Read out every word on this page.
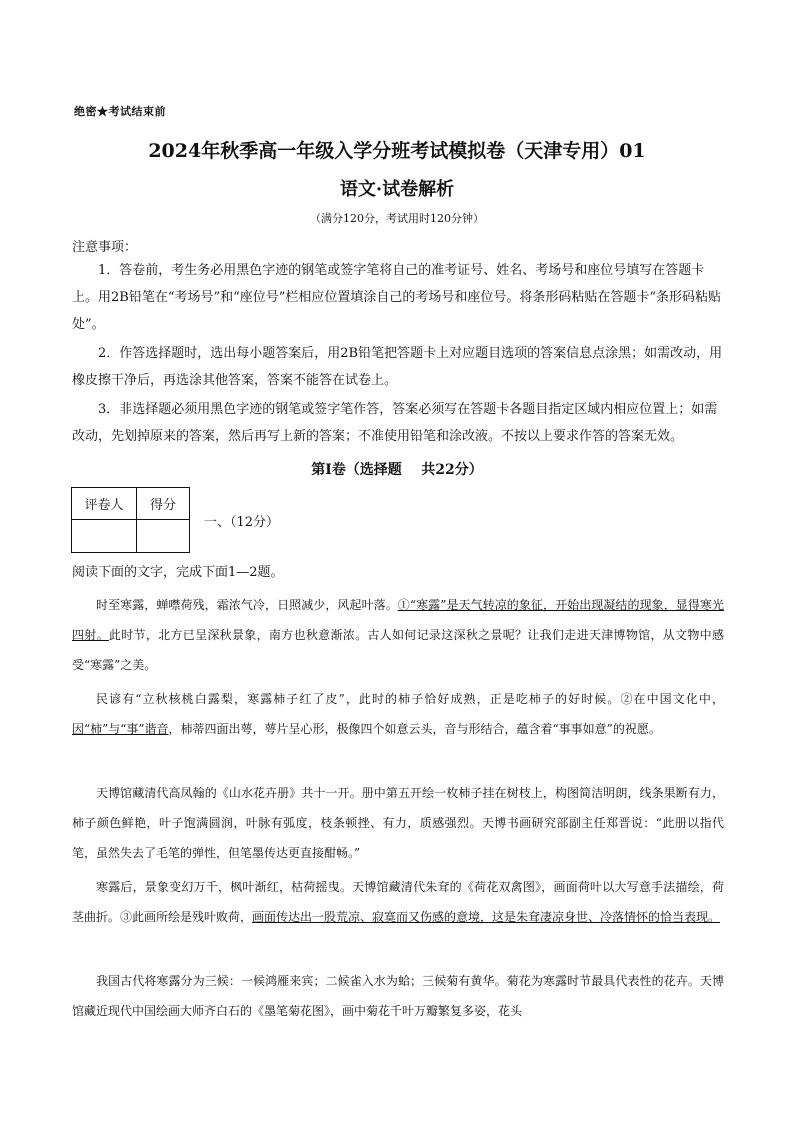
绝密★考试结束前
2024年秋季高一年级入学分班考试模拟卷（天津专用）01
语文·试卷解析
（满分120分，考试用时120分钟）
注意事项：
1．答卷前，考生务必用黑色字迹的钢笔或签字笔将自己的准考证号、姓名、考场号和座位号填写在答题卡上。用2B铅笔在“考场号”和“座位号”栏相应位置填涂自己的考场号和座位号。将条形码粘贴在答题卡“条形码粘贴处”。
2．作答选择题时，选出每小题答案后，用2B铅笔把答题卡上对应题目选项的答案信息点涂黑；如需改动，用橡皮擦干净后，再选涂其他答案，答案不能答在试卷上。
3．非选择题必须用黑色字迹的钢笔或签字笔作答，答案必须写在答题卡各题目指定区域内相应位置上；如需改动，先划掉原来的答案，然后再写上新的答案；不准使用铅笔和涂改液。不按以上要求作答的答案无效。
第Ⅰ卷（选择题    共22分）
评卷人	得分

一、（12分）
阅读下面的文字，完成下面1—2题。
时至寒露，蝉噤荷残，霜浓气冷，日照减少，风起叶落。①“寒露”是天气转凉的象征，开始出现凝结的现象，显得寒光四射。此时节，北方已呈深秋景象，南方也秋意渐浓。古人如何记录这深秋之景呢？让我们走进天津博物馆，从文物中感受“寒露”之美。
民谚有“立秋核桃白露梨，寒露柿子红了皮”，此时的柿子恰好成熟，正是吃柿子的好时候。②在中国文化中，因“柿”与“事”谐音，柿蒂四面出萼，萼片呈心形，极像四个如意云头，音与形结合，蕴含着“事事如意”的祝愿。
天博馆藏清代高凤翰的《山水花卉册》共十一开。册中第五开绘一枚柿子挂在树枝上，构图简洁明朗，线条果断有力，柿子颜色鲜艳，叶子饱满圆润，叶脉有弧度，枝条顿挫、有力，质感强烈。天博书画研究部副主任郑晋说：“此册以指代笔，虽然失去了毛笔的弹性，但笔墨传达更直接酣畅。”
寒露后，景象变幻万千，枫叶渐红，枯荷摇曳。天博馆藏清代朱耷的《荷花双禽图》，画面荷叶以大写意手法描绘，荷茎曲折。③此画所绘是残叶败荷，画面传达出一股荒凉、寂寞而又伤感的意境，这是朱耷凄凉身世、冷落情怀的恰当表现。
我国古代将寒露分为三候：一候鸿雁来宾；二候雀入水为蛤；三候菊有黄华。菊花为寒露时节最具代表性的花卉。天博馆藏近现代中国绘画大师齐白石的《墨笔菊花图》，画中菊花千叶万瓣繁复多姿，花头
